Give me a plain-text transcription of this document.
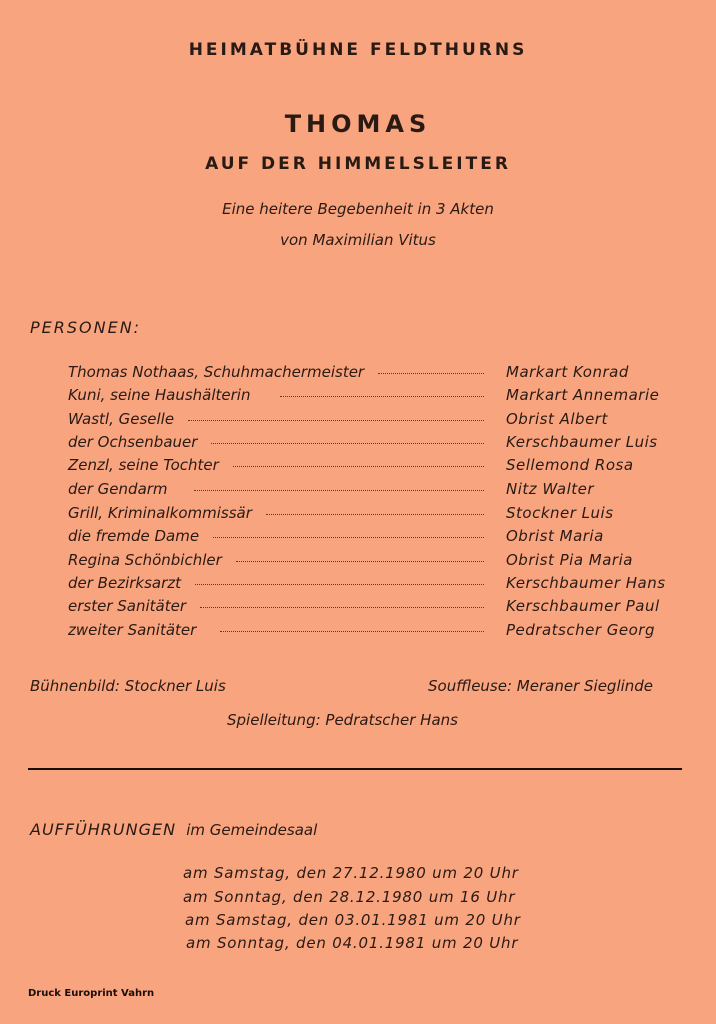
HEIMATBÜHNE FELDTHURNS
THOMAS
AUF DER HIMMELSLEITER
Eine heitere Begebenheit in 3 Akten
von Maximilian Vitus
PERSONEN:
Thomas Nothaas, Schuhmachermeister	Markart Konrad
Kuni, seine Haushälterin	Markart Annemarie
Wastl, Geselle	Obrist Albert
der Ochsenbauer	Kerschbaumer Luis
Zenzl, seine Tochter	Sellemond Rosa
der Gendarm	Nitz Walter
Grill, Kriminalkommissär	Stockner Luis
die fremde Dame	Obrist Maria
Regina Schönbichler	Obrist Pia Maria
der Bezirksarzt	Kerschbaumer Hans
erster Sanitäter	Kerschbaumer Paul
zweiter Sanitäter	Pedratscher Georg
Bühnenbild: Stockner Luis	Souffleuse: Meraner Sieglinde
Spielleitung: Pedratscher Hans
AUFFÜHRUNGEN im Gemeindesaal
am Samstag, den 27.12.1980 um 20 Uhr
am Sonntag, den 28.12.1980 um 16 Uhr
am Samstag, den 03.01.1981 um 20 Uhr
am Sonntag, den 04.01.1981 um 20 Uhr
Druck Europrint Vahrn
